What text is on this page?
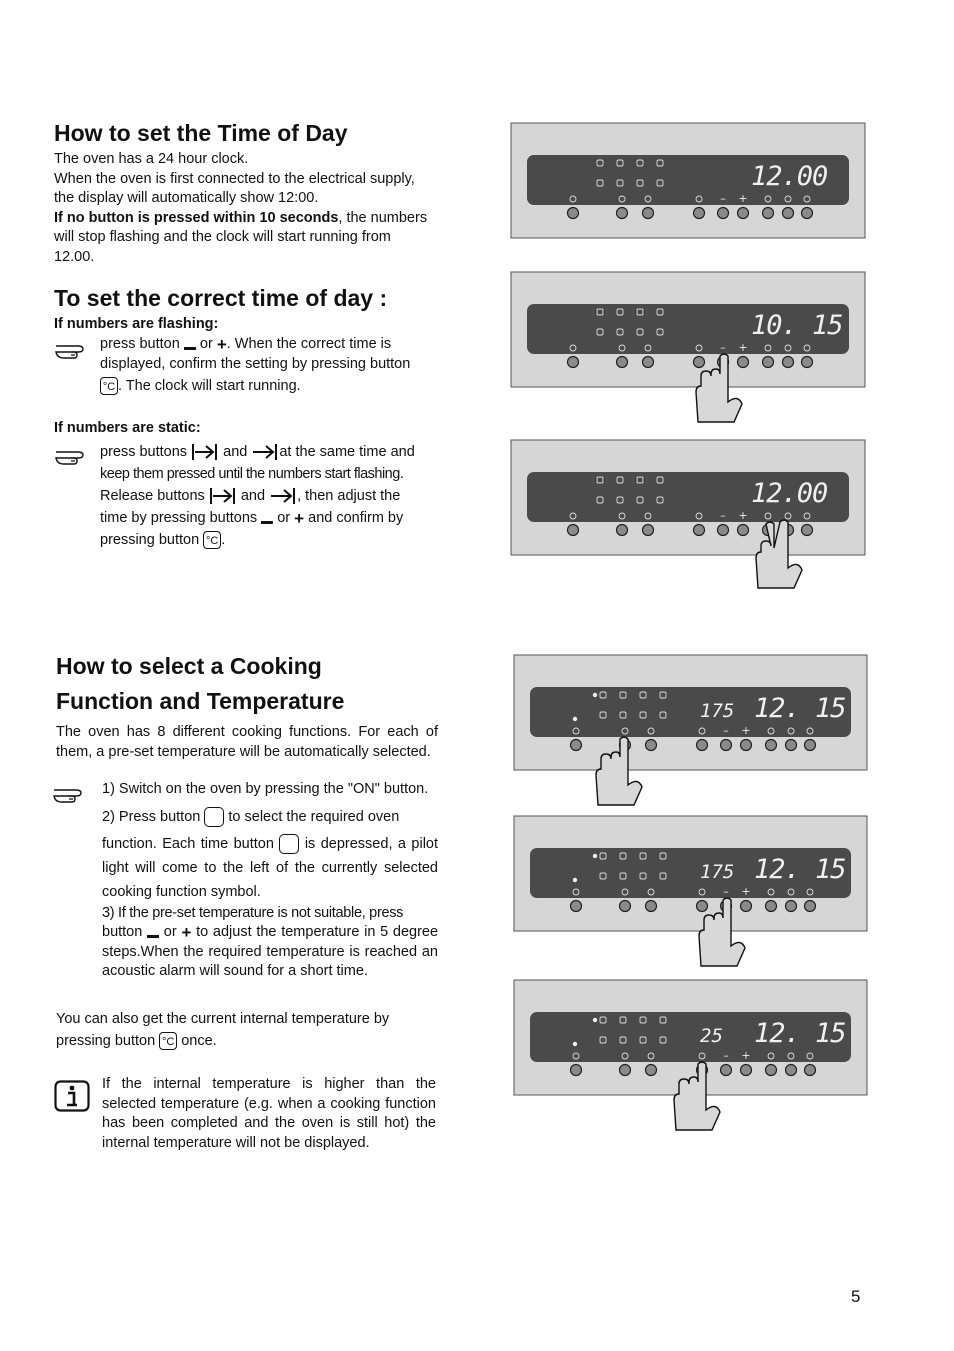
How to set the Time of Day
The oven has a 24 hour clock.
When the oven is first connected to the electrical supply,
the display will automatically show 12:00.
If no button is pressed within 10 seconds, the numbers
will stop flashing and the clock will start running from
12.00.
To set the correct time of day :
If numbers are flashing:
press button or +. When the correct time is
displayed, confirm the setting by pressing button
°C . The clock will start running.
If numbers are static:
press buttons and at the same time and
keep them pressed until the numbers start flashing.
Release buttons and , then adjust the
time by pressing buttons or + and confirm by
pressing button °C .
How to select a Cooking
Function and Temperature
The oven has 8 different cooking functions. For each of them, a pre-set temperature will be automatically selected.
1) Switch on the oven by pressing the "ON" button.
2) Press button to select the required oven
function. Each time button is depressed, a pilot light will come to the left of the currently selected cooking function symbol.
3) If the pre-set temperature is not suitable, press
button or + to adjust the temperature in 5 degree steps.When the required temperature is reached an acoustic alarm will sound for a short time.
You can also get the current internal temperature by
pressing button °C once.
If the internal temperature is higher than the selected temperature (e.g. when a cooking function has been completed and the oven is still hot) the internal temperature will not be displayed.
12.00
– +
10. 15
– +
12.00
– +
175 12. 15
– +
175 12. 15
– +
25 12. 15
– +
5
